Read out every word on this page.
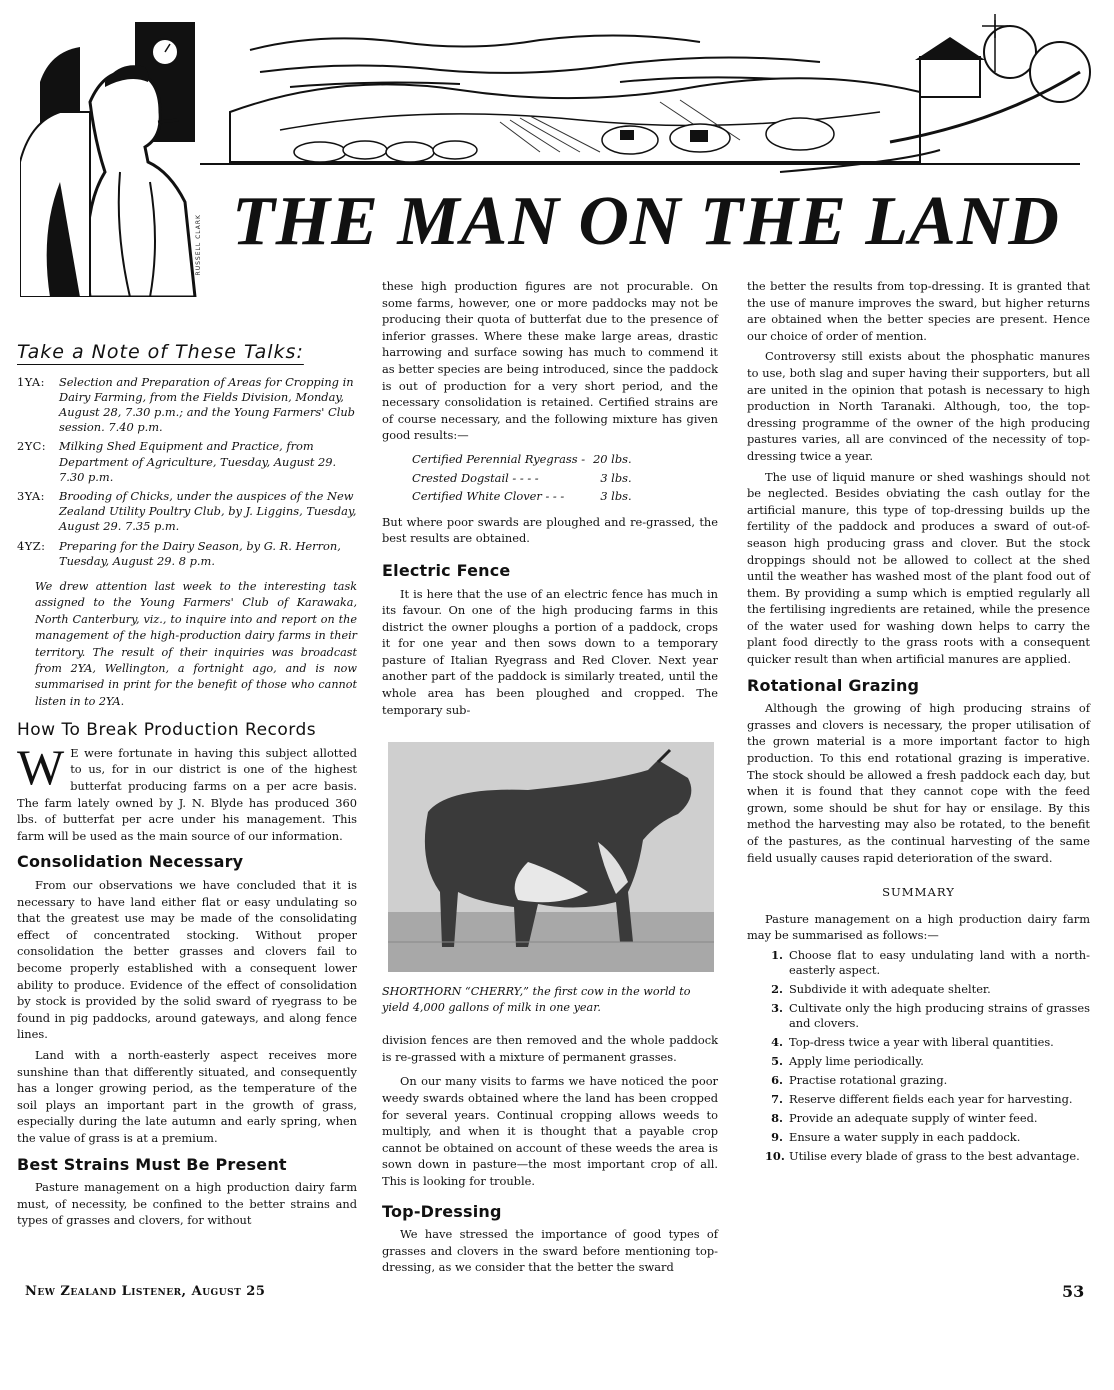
RUSSELL CLARK THE MAN ON THE LAND
Take a Note of These Talks:
1YA:	Selection and Preparation of Areas for Cropping in Dairy Farming, from the Fields Division, Monday, August 28, 7.30 p.m.; and the Young Farmers' Club session. 7.40 p.m.
2YC:	Milking Shed Equipment and Practice, from Department of Agriculture, Tuesday, August 29. 7.30 p.m.
3YA:	Brooding of Chicks, under the auspices of the New Zealand Utility Poultry Club, by J. Liggins, Tuesday, August 29. 7.35 p.m.
4YZ:	Preparing for the Dairy Season, by G. R. Herron, Tuesday, August 29. 8 p.m.

We drew attention last week to the interesting task assigned to the Young Farmers' Club of Karawaka, North Canterbury, viz., to inquire into and report on the management of the high-production dairy farms in their territory. The result of their inquiries was broadcast from 2YA, Wellington, a fortnight ago, and is now summarised in print for the benefit of those who cannot listen in to 2YA.

How To Break Production Records
W E were fortunate in having this subject allotted to us, for in our district is one of the highest butterfat producing farms on a per acre basis. The farm lately owned by J. N. Blyde has produced 360 lbs. of butterfat per acre under his management. This farm will be used as the main source of our information.
Consolidation Necessary

From our observations we have concluded that it is necessary to have land either flat or easy undulating so that the greatest use may be made of the consolidating effect of concentrated stocking. Without proper consolidation the better grasses and clovers fail to become properly established with a consequent lower ability to produce. Evidence of the effect of consolidation by stock is provided by the solid sward of ryegrass to be found in pig paddocks, around gateways, and along fence lines.

Land with a north-easterly aspect receives more sunshine than that differently situated, and consequently has a longer growing period, as the temperature of the soil plays an important part in the growth of grass, especially during the late autumn and early spring, when the value of grass is at a premium.

Best Strains Must Be Present

Pasture management on a high production dairy farm must, of necessity, be confined to the better strains and types of grasses and clovers, for without

these high production figures are not procurable. On some farms, however, one or more paddocks may not be producing their quota of butterfat due to the presence of inferior grasses. Where these make large areas, drastic harrowing and surface sowing has much to commend it as better species are being introduced, since the paddock is out of production for a very short period, and the necessary consolidation is retained. Certified strains are of course necessary, and the following mixture has given good results:—

Certified Perennial Ryegrass -	20 lbs.
Crested Dogstail - - - -	3 lbs.
Certified White Clover - - -	3 lbs.

But where poor swards are ploughed and re-grassed, the best results are obtained.

Electric Fence

It is here that the use of an electric fence has much in its favour. On one of the high producing farms in this district the owner ploughs a portion of a paddock, crops it for one year and then sows down to a temporary pasture of Italian Ryegrass and Red Clover. Next year another part of the paddock is similarly treated, until the whole area has been ploughed and cropped. The temporary sub-

SHORTHORN “CHERRY,” the first cow in the world to yield 4,000 gallons of milk in one year.

division fences are then removed and the whole paddock is re-grassed with a mixture of permanent grasses.

On our many visits to farms we have noticed the poor weedy swards obtained where the land has been cropped for several years. Continual cropping allows weeds to multiply, and when it is thought that a payable crop cannot be obtained on account of these weeds the area is sown down in pasture—the most important crop of all. This is looking for trouble.

Top-Dressing

We have stressed the importance of good types of grasses and clovers in the sward before mentioning top-dressing, as we consider that the better the sward

the better the results from top-dressing. It is granted that the use of manure improves the sward, but higher returns are obtained when the better species are present. Hence our choice of order of mention.

Controversy still exists about the phosphatic manures to use, both slag and super having their supporters, but all are united in the opinion that potash is necessary to high production in North Taranaki. Although, too, the top-dressing programme of the owner of the high producing pastures varies, all are convinced of the necessity of top-dressing twice a year.

The use of liquid manure or shed washings should not be neglected. Besides obviating the cash outlay for the artificial manure, this type of top-dressing builds up the fertility of the paddock and produces a sward of out-of-season high producing grass and clover. But the stock droppings should not be allowed to collect at the shed until the weather has washed most of the plant food out of them. By providing a sump which is emptied regularly all the fertilising ingredients are retained, while the presence of the water used for washing down helps to carry the plant food directly to the grass roots with a consequent quicker result than when artificial manures are applied.

Rotational Grazing

Although the growing of high producing strains of grasses and clovers is necessary, the proper utilisation of the grown material is a more important factor to high production. To this end rotational grazing is imperative. The stock should be allowed a fresh paddock each day, but when it is found that they cannot cope with the feed grown, some should be shut for hay or ensilage. By this method the harvesting may also be rotated, to the benefit of the pastures, as the continual harvesting of the same field usually causes rapid deterioration of the sward.

SUMMARY

Pasture management on a high production dairy farm may be summarised as follows:—

1. Choose flat to easy undulating land with a north-easterly aspect.
2. Subdivide it with adequate shelter.
3. Cultivate only the high producing strains of grasses and clovers.
4. Top-dress twice a year with liberal quantities.
5. Apply lime periodically.
6. Practise rotational grazing.
7. Reserve different fields each year for harvesting.
8. Provide an adequate supply of winter feed.
9. Ensure a water supply in each paddock.
10. Utilise every blade of grass to the best advantage.
New Zealand Listener, August 25	53
